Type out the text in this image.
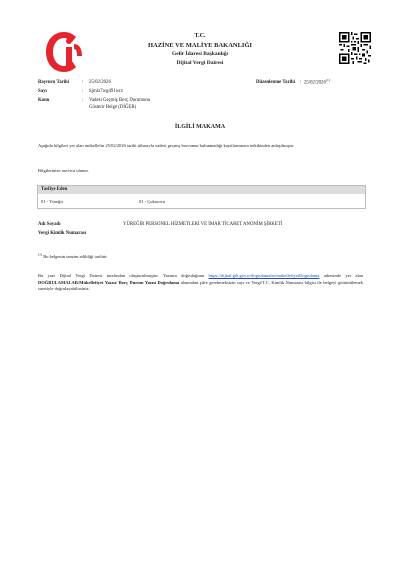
T.C.
HAZİNE VE MALİYE BAKANLIĞI
Gelir İdaresi Başkanlığı
Dijital Vergi Dairesi
Başvuru Tarihi	: 25/02/2026
Sayı	: Sjmlz7wgd91wrz
Konu	: Vadesi Geçmiş Borç Durumunu
Gösterir Belge (DİĞER)
Düzenlenme Tarihi : 25/02/2026$^{(1)}$
İLGİLİ MAKAMA
Aşağıda bilgileri yer alan mükellefin 25/02/2026 tarihi itibarıyla vadesi geçmiş borcunun bulunmadığı kayıtlarımızın tetkikinden anlaşılmıştır.
Bilgilerinize arz/rica olunur.
Tasfiye Eden
01 - Yüreğir	01 - Çukurova
Adı Soyadı	YÜREĞİR PERSONEL HİZMETLERİ VE İMAR TİCARET ANONİM ŞİRKETİ
Vergi Kimlik Numarası
$^{(1)}$ Bu belgenin tanzim edildiği tarihtir.
Bu yazı Dijital Vergi Dairesi tarafından oluşturulmuştur. Yazının doğruluğunu https://dijital.gib.gov.tr/dogrulamalar/mukellefiyetDogrulama adresinde yer alan DOĞRULAMALAR/Mükellefiyet Yazısı/ Borç Durum Yazısı Doğrulama alanından şifre gerekmeksizin sayı ve Vergi/T.C. Kimlik Numarası bilgisi ile belgeyi görüntülemek suretiyle doğrulayabilirsiniz.
